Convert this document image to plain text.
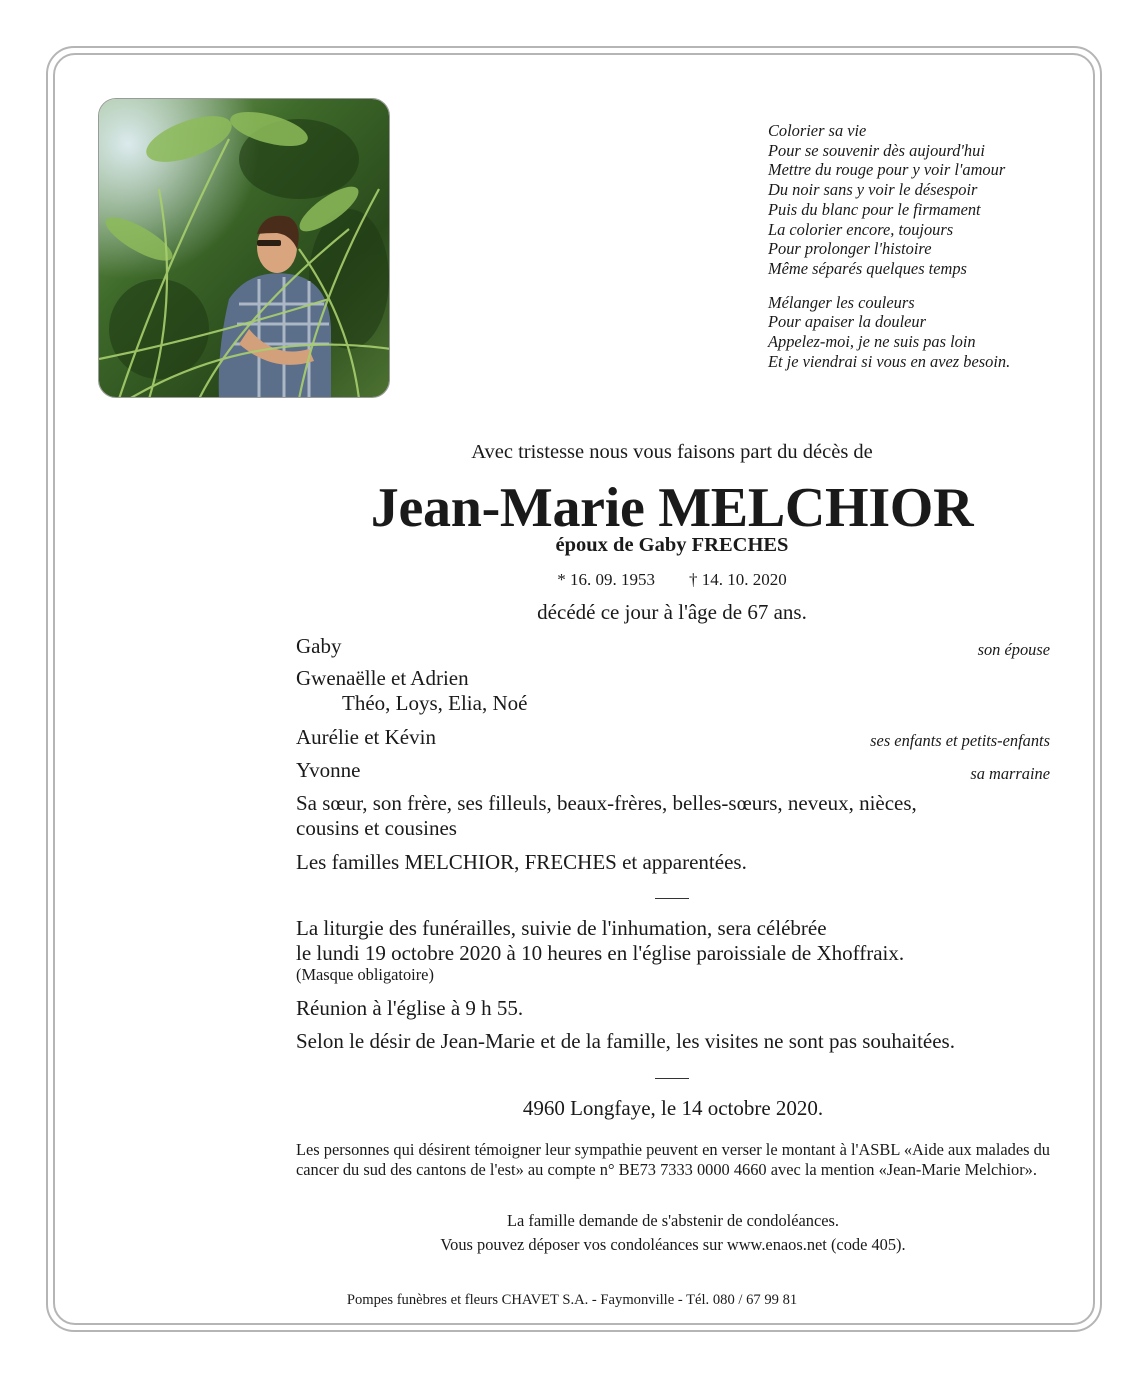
Colorier sa vie
Pour se souvenir dès aujourd'hui
Mettre du rouge pour y voir l'amour
Du noir sans y voir le désespoir
Puis du blanc pour le firmament
La colorier encore, toujours
Pour prolonger l'histoire
Même séparés quelques temps
Mélanger les couleurs
Pour apaiser la douleur
Appelez-moi, je ne suis pas loin
Et je viendrai si vous en avez besoin.
Avec tristesse nous vous faisons part du décès de
Jean-Marie MELCHIOR
époux de Gaby FRECHES
* 16. 09. 1953 † 14. 10. 2020
décédé ce jour à l'âge de 67 ans.
Gaby	son épouse
Gwenaëlle et Adrien
Théo, Loys, Elia, Noé
Aurélie et Kévin	ses enfants et petits-enfants
Yvonne	sa marraine
Sa sœur, son frère, ses filleuls, beaux-frères, belles-sœurs, neveux, nièces,
cousins et cousines
Les familles MELCHIOR, FRECHES et apparentées.
La liturgie des funérailles, suivie de l'inhumation, sera célébrée
le lundi 19 octobre 2020 à 10 heures en l'église paroissiale de Xhoffraix.
(Masque obligatoire)
Réunion à l'église à 9 h 55.
Selon le désir de Jean-Marie et de la famille, les visites ne sont pas souhaitées.
4960 Longfaye, le 14 octobre 2020.
Les personnes qui désirent témoigner leur sympathie peuvent en verser le montant à l'ASBL «Aide aux malades du cancer du sud des cantons de l'est» au compte n° BE73 7333 0000 4660 avec la mention «Jean-Marie Melchior».
La famille demande de s'abstenir de condoléances.
Vous pouvez déposer vos condoléances sur www.enaos.net (code 405).
Pompes funèbres et fleurs CHAVET S.A. - Faymonville - Tél. 080 / 67 99 81
